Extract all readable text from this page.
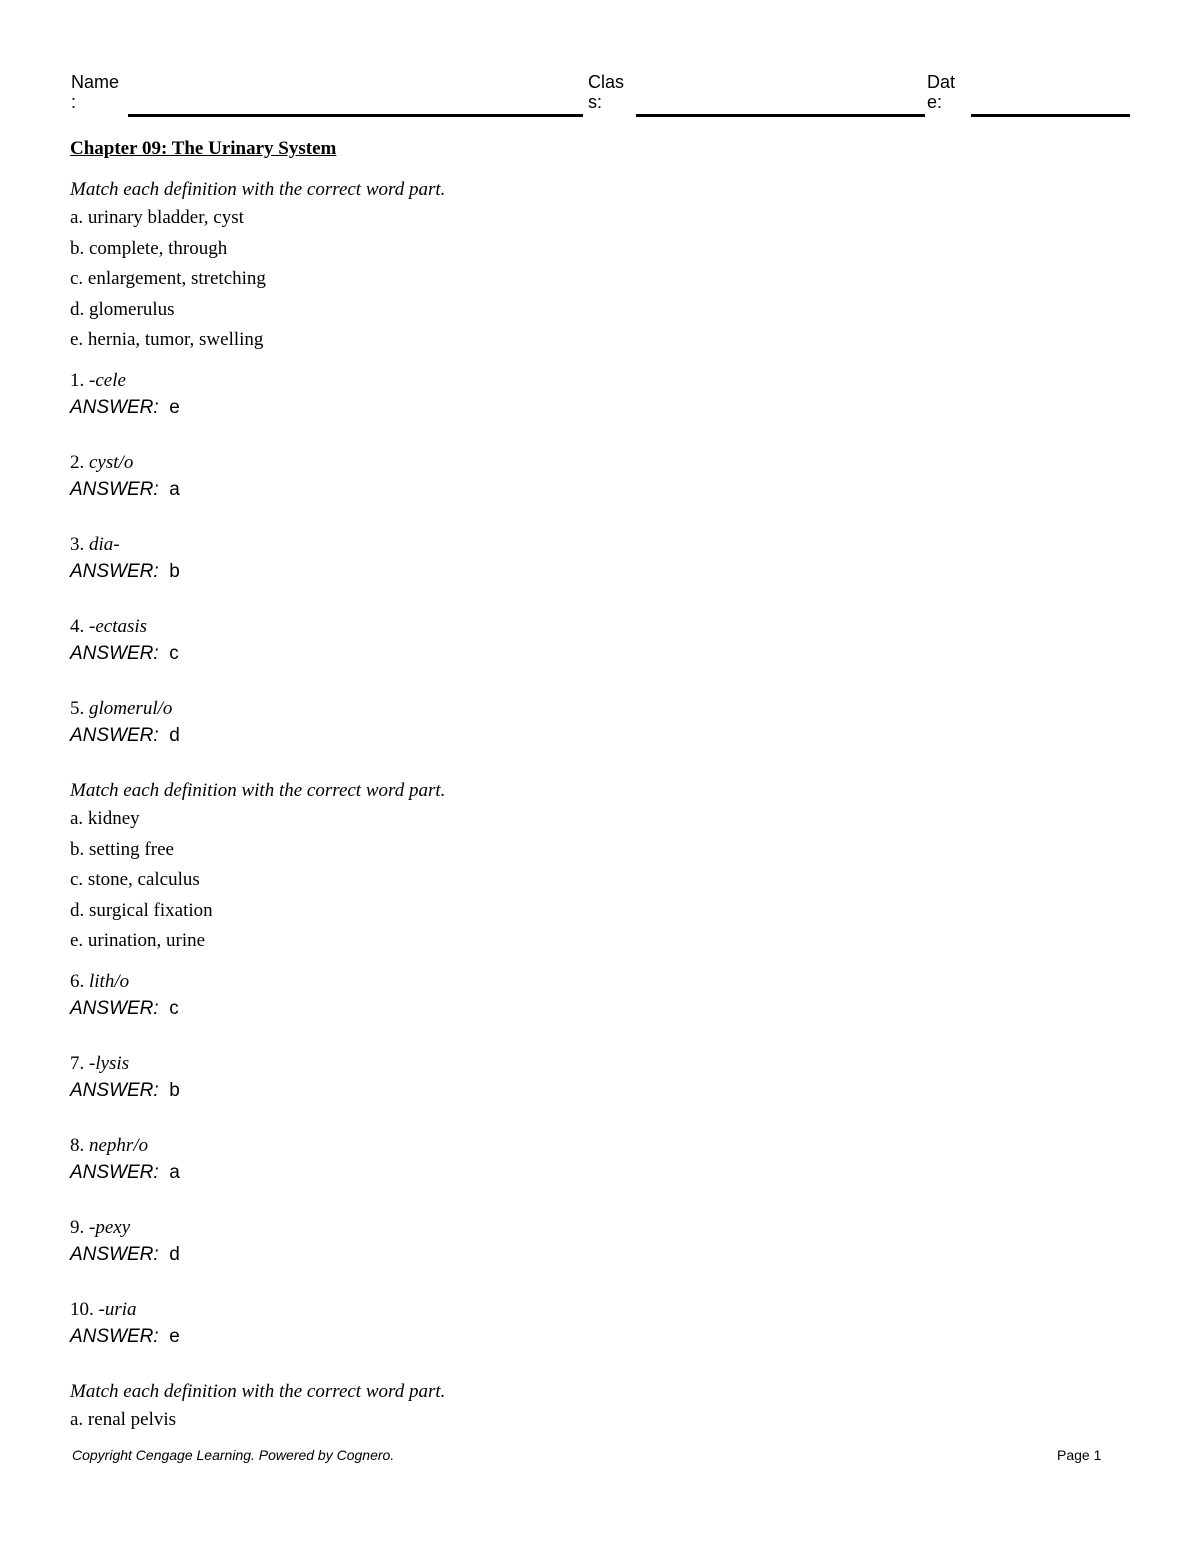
Name
:
Clas
s:
Dat
e:
Chapter 09: The Urinary System

Match each definition with the correct word part.

a. urinary bladder, cyst

b. complete, through

c. enlargement, stretching

d. glomerulus

e. hernia, tumor, swelling

1. -cele
ANSWER: e
2. cyst/o
ANSWER: a
3. dia-
ANSWER: b
4. -ectasis
ANSWER: c
5. glomerul/o
ANSWER: d

Match each definition with the correct word part.

a. kidney

b. setting free

c. stone, calculus

d. surgical fixation

e. urination, urine

6. lith/o
ANSWER: c
7. -lysis
ANSWER: b
8. nephr/o
ANSWER: a
9. -pexy
ANSWER: d
10. -uria
ANSWER: e

Match each definition with the correct word part.

a. renal pelvis

Copyright Cengage Learning. Powered by Cognero.	Page 1
